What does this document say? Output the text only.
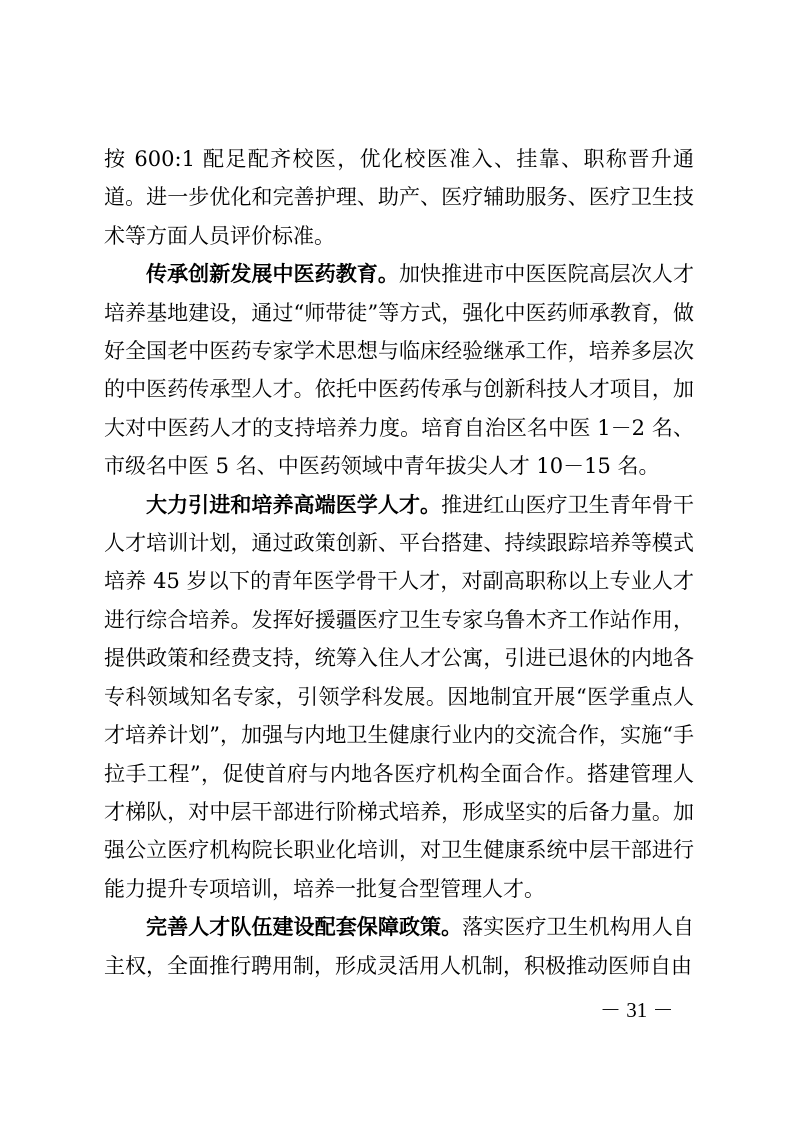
按 600:1 配足配齐校医，优化校医准入、挂靠、职称晋升通道。进一步优化和完善护理、助产、医疗辅助服务、医疗卫生技术等方面人员评价标准。

传承创新发展中医药教育。加快推进市中医医院高层次人才培养基地建设，通过“师带徒”等方式，强化中医药师承教育，做好全国老中医药专家学术思想与临床经验继承工作，培养多层次的中医药传承型人才。依托中医药传承与创新科技人才项目，加大对中医药人才的支持培养力度。培育自治区名中医 1－2 名、市级名中医 5 名、中医药领域中青年拔尖人才 10－15 名。

大力引进和培养高端医学人才。推进红山医疗卫生青年骨干人才培训计划，通过政策创新、平台搭建、持续跟踪培养等模式培养 45 岁以下的青年医学骨干人才，对副高职称以上专业人才进行综合培养。发挥好援疆医疗卫生专家乌鲁木齐工作站作用，提供政策和经费支持，统筹入住人才公寓，引进已退休的内地各专科领域知名专家，引领学科发展。因地制宜开展“医学重点人才培养计划”，加强与内地卫生健康行业内的交流合作，实施“手拉手工程”，促使首府与内地各医疗机构全面合作。搭建管理人才梯队，对中层干部进行阶梯式培养，形成坚实的后备力量。加强公立医疗机构院长职业化培训，对卫生健康系统中层干部进行能力提升专项培训，培养一批复合型管理人才。

完善人才队伍建设配套保障政策。落实医疗卫生机构用人自主权，全面推行聘用制，形成灵活用人机制，积极推动医师自由

－ 31 －
